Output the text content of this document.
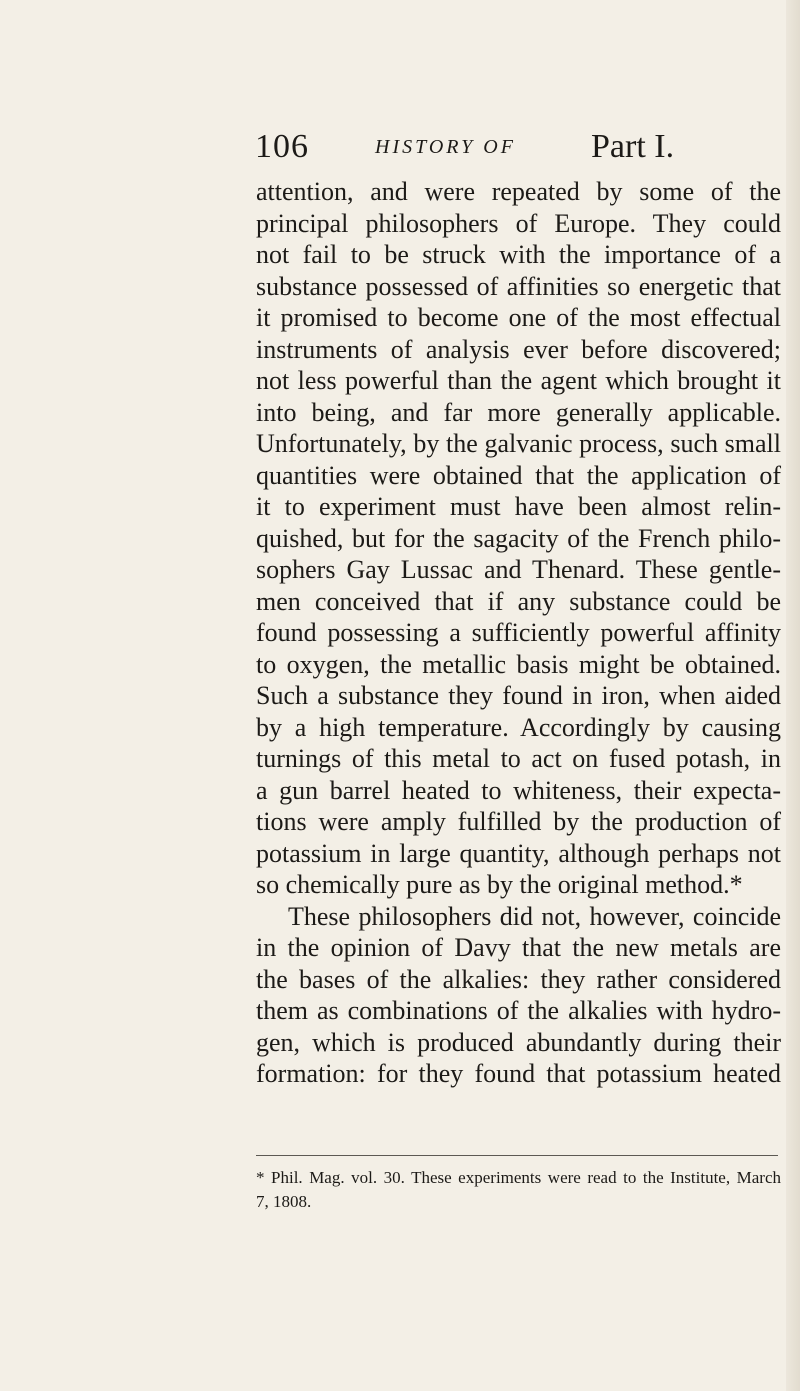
106	HISTORY OF Part I.
attention, and were repeated by some of the
principal philosophers of Europe. They could
not fail to be struck with the importance of a
substance possessed of affinities so energetic that
it promised to become one of the most effectual
instruments of analysis ever before discovered;
not less powerful than the agent which brought it
into being, and far more generally applicable.
Unfortunately, by the galvanic process, such small
quantities were obtained that the application of
it to experiment must have been almost relin-
quished, but for the sagacity of the French philo-
sophers Gay Lussac and Thenard. These gentle-
men conceived that if any substance could be
found possessing a sufficiently powerful affinity
to oxygen, the metallic basis might be obtained.
Such a substance they found in iron, when aided
by a high temperature. Accordingly by causing
turnings of this metal to act on fused potash, in
a gun barrel heated to whiteness, their expecta-
tions were amply fulfilled by the production of
potassium in large quantity, although perhaps not
so chemically pure as by the original method.*
These philosophers did not, however, coincide
in the opinion of Davy that the new metals are
the bases of the alkalies: they rather considered
them as combinations of the alkalies with hydro-
gen, which is produced abundantly during their
formation: for they found that potassium heated
* Phil. Mag. vol. 30. These experiments were read to the Institute, March
7, 1808.
